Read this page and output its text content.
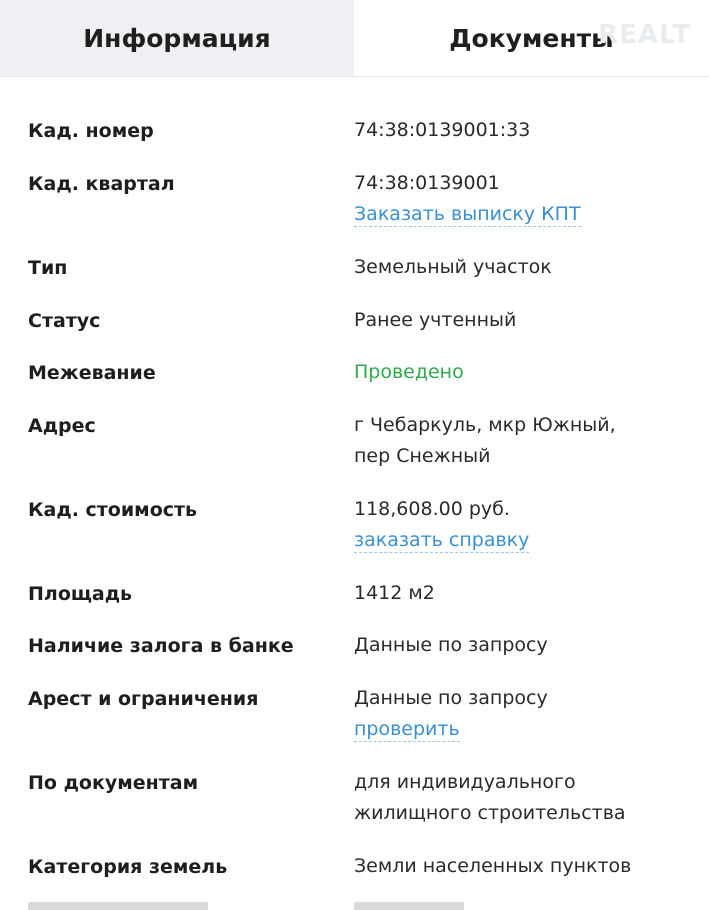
Информация	Документы
REALT
Кад. номер	74:38:0139001:33
Кад. квартал	74:38:0139001
Заказать выписку КПТ
Тип	Земельный участок
Статус	Ранее учтенный
Межевание	Проведено
Адрес	г Чебаркуль, мкр Южный,
пер Снежный
Кад. стоимость	118,608.00 руб.
заказать справку
Площадь	1412 м2
Наличие залога в банке	Данные по запросу
Арест и ограничения	Данные по запросу
проверить
По документам	для индивидуального
жилищного строительства
Категория земель	Земли населенных пунктов
